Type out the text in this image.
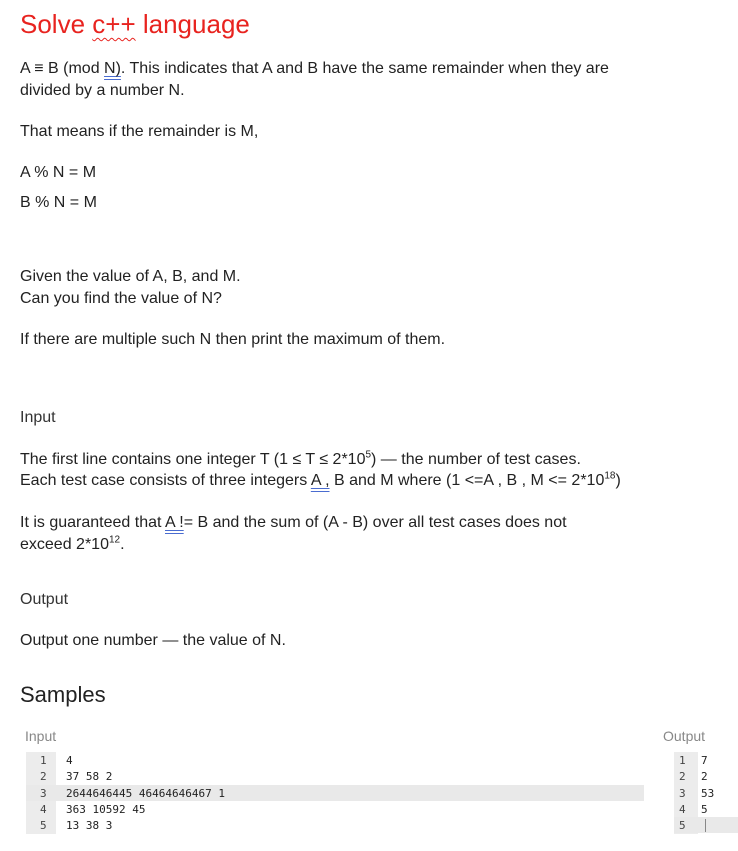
Solve c++ language
A ≡ B (mod N). This indicates that A and B have the same remainder when they are
divided by a number N.
That means if the remainder is M,
A % N = M
B % N = M
Given the value of A, B, and M.
Can you find the value of N?
If there are multiple such N then print the maximum of them.
Input
The first line contains one integer T $(1 \le T \le 2*10^5)$ — the number of test cases.
Each test case consists of three integers A , B and M where (1 <=A , B , $M <= 2*10^{18}$)
It is guaranteed that A != B and the sum of (A - B) over all test cases does not
exceed $2*10^{12}$.
Output
Output one number — the value of N.
Samples
Input	Output
1 4
2 37 58 2
3 2644646445 46464646467 1
4 363 10592 45
5 13 38 3
1 7
2 2
3 53
4 5
5
